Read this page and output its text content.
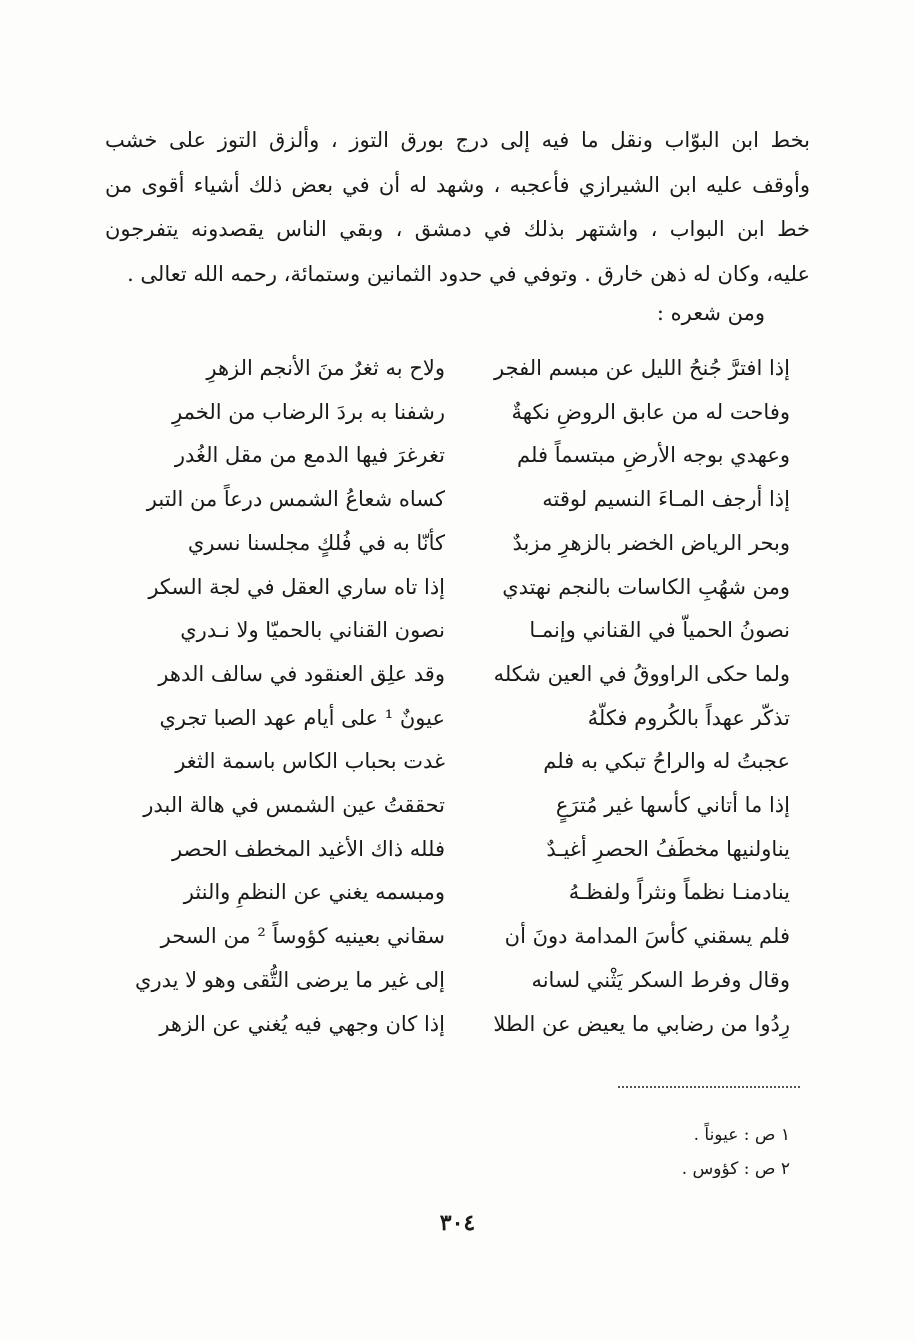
بخط ابن البوّاب ونقل ما فيه إلى درج بورق التوز ، وألزق التوز على خشب
وأوقف عليه ابن الشيرازي فأعجبه ، وشهد له أن في بعض ذلك أشياء أقوى من
خط ابن البواب ، واشتهر بذلك في دمشق ، وبقي الناس يقصدونه يتفرجون
عليه، وكان له ذهن خارق . وتوفي في حدود الثمانين وستمائة، رحمه الله تعالى .
ومن شعره :
إذا افترَّ جُنحُ الليل عن مبسم الفجر
ولاح به ثغرٌ منَ الأنجم الزهرِ
وفاحت له من عابق الروضِ نكهةٌ
رشفنا به بردَ الرضاب من الخمرِ
وعهدي بوجه الأرضِ مبتسماً فلم
تغرغرَ فيها الدمع من مقل الغُدر
إذا أرجف المـاءَ النسيم لوقته
كساه شعاعُ الشمس درعاً من التبر
وبحر الرياض الخضر بالزهرِ مزبدٌ
كأنّا به في فُلكٍ مجلسنا نسري
ومن شهُبِ الكاسات بالنجم نهتدي
إذا تاه ساري العقل في لجة السكر
نصونُ الحمياّ في القناني وإنمـا
نصون القناني بالحميّا ولا نـدري
ولما حكى الراووقُ في العين شكله
وقد علِق العنقود في سالف الدهر
تذكّر عهداً بالكُروم فكلّهُ
عيونٌ ¹ على أيام عهد الصبا تجري
عجبتُ له والراحُ تبكي به فلم
غدت بحباب الكاس باسمة الثغر
إذا ما أتاني كأسها غير مُترَعٍ
تحققتُ عين الشمس في هالة البدر
يناولنيها مخطَفُ الحصرِ أغيـدٌ
فلله ذاك الأغيد المخطف الحصر
ينادمنـا نظماً ونثراً ولفظـهُ
ومبسمه يغني عن النظمِ والنثر
فلم يسقني كأسَ المدامة دونَ أن
سقاني بعينيه كؤوساً ² من السحر
وقال وفرط السكر يَثْني لسانه
إلى غير ما يرضى التُّقى وهو لا يدري
رِدُوا من رضابي ما يعيض عن الطلا
إذا كان وجهي فيه يُغني عن الزهر
١ ص : عيوناً .
٢ ص : كؤوس .
٣٠٤
